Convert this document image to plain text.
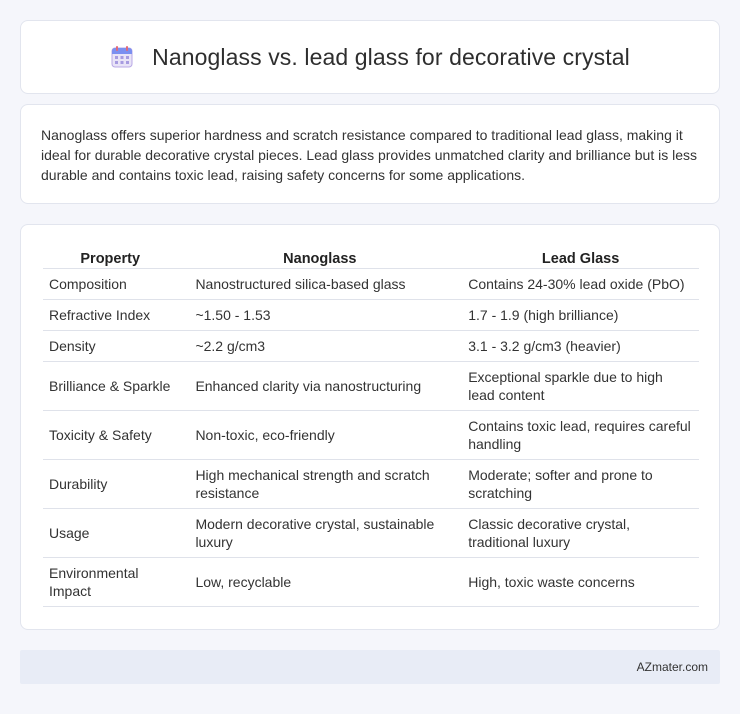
Nanoglass vs. lead glass for decorative crystal

Nanoglass offers superior hardness and scratch resistance compared to traditional lead glass, making it ideal for durable decorative crystal pieces. Lead glass provides unmatched clarity and brilliance but is less durable and contains toxic lead, raising safety concerns for some applications.

Property		Nanoglass		Lead Glass
Composition		Nanostructured silica-based glass		Contains 24-30% lead oxide (PbO)
Refractive Index		~1.50 - 1.53		1.7 - 1.9 (high brilliance)
Density		~2.2 g/cm3		3.1 - 3.2 g/cm3 (heavier)
Brilliance & Sparkle		Enhanced clarity via nanostructuring		Exceptional sparkle due to high lead content
Toxicity & Safety		Non-toxic, eco-friendly		Contains toxic lead, requires careful handling
Durability		High mechanical strength and scratch resistance		Moderate; softer and prone to scratching
Usage		Modern decorative crystal, sustainable luxury		Classic decorative crystal, traditional luxury
Environmental Impact		Low, recyclable		High, toxic waste concerns
AZmater.com
